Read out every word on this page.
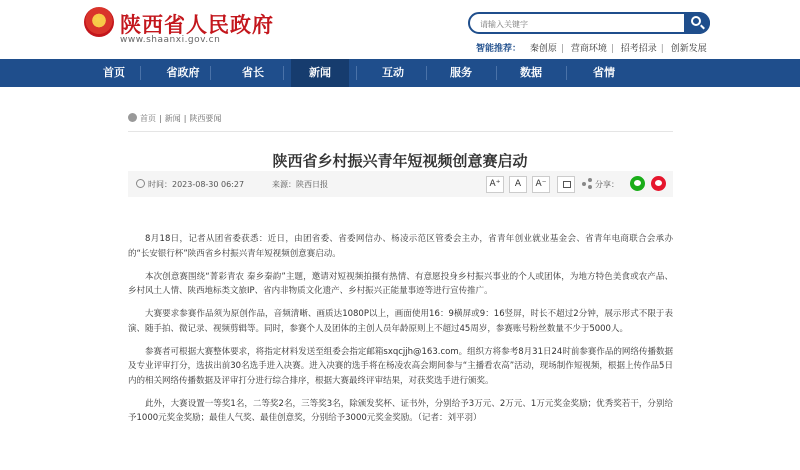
★ 陕西省人民政府
www.shaanxi.gov.cn
请输入关键字
智能推荐： 秦创原 | 营商环境 | 招考招录 | 创新发展
首页	省政府	省长	新闻	互动	服务	数据	省情
首页 | 新闻 | 陕西要闻
陕西省乡村振兴青年短视频创意赛启动
时间：2023-08-30 06:27	来源：陕西日报	A⁺	A	A⁻	分享：

8月18日，记者从团省委获悉：近日，由团省委、省委网信办、杨凌示范区管委会主办，省青年创业就业基金会、省青年电商联合会承办的“长安银行杯”陕西省乡村振兴青年短视频创意赛启动。

本次创意赛围绕“菁彩青农 秦乡秦韵”主题，邀请对短视频拍摄有热情、有意愿投身乡村振兴事业的个人或团体，为地方特色美食或农产品、乡村风土人情、陕西地标类文旅IP、省内非物质文化遗产、乡村振兴正能量事迹等进行宣传推广。

大赛要求参赛作品须为原创作品，音频清晰、画质达1080P以上，画面使用16：9横屏或9：16竖屏，时长不超过2分钟，展示形式不限于表演、随手拍、微记录、视频剪辑等。同时，参赛个人及团体的主创人员年龄原则上不超过45周岁，参赛账号粉丝数量不少于5000人。

参赛者可根据大赛整体要求，将指定材料发送至组委会指定邮箱sxqcjjh@163.com。组织方将参考8月31日24时前参赛作品的网络传播数据及专业评审打分，选拔出前30名选手进入决赛。进入决赛的选手将在杨凌农高会期间参与“主播看农高”活动，现场制作短视频，根据上传作品5日内的相关网络传播数据及评审打分进行综合排序，根据大赛最终评审结果，对获奖选手进行颁奖。

此外，大赛设置一等奖1名，二等奖2名，三等奖3名，除颁发奖杯、证书外，分别给予3万元、2万元、1万元奖金奖励；优秀奖若干，分别给予1000元奖金奖励；最佳人气奖、最佳创意奖，分别给予3000元奖金奖励。（记者：刘平羽）
